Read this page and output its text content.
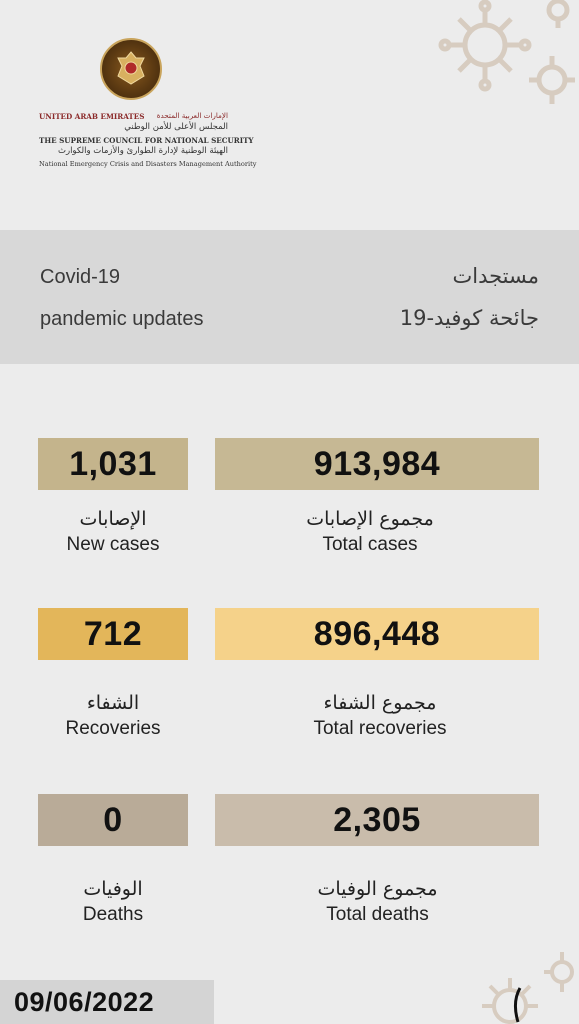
UNITED ARAB EMIRATES الإمارات العربية المتحدة
المجلس الأعلى للأمن الوطني
THE SUPREME COUNCIL FOR NATIONAL SECURITY
الهيئة الوطنية لإدارة الطوارئ والأزمات والكوارث
National Emergency Crisis and Disasters Management Authority
Covid-19
pandemic updates
مستجدات
جائحة كوفيد-19
1,031	913,984
الإصابات
New cases
مجموع الإصابات
Total cases
712	896,448
الشفاء
Recoveries
مجموع الشفاء
Total recoveries
0	2,305
الوفيات
Deaths
مجموع الوفيات
Total deaths
09/06/2022
